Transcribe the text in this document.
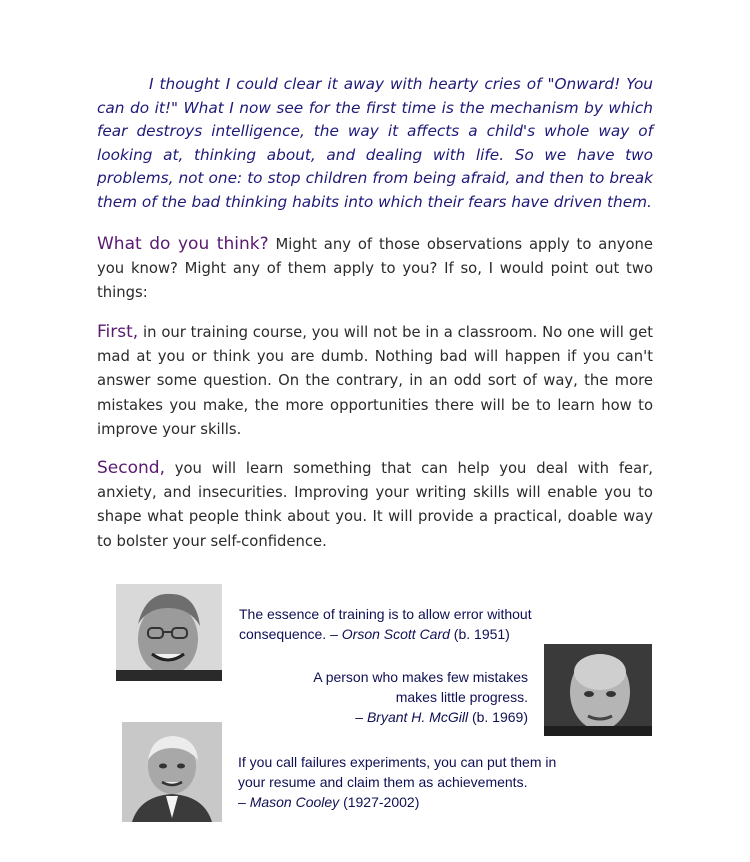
I thought I could clear it away with hearty cries of "Onward! You can do it!" What I now see for the first time is the mechanism by which fear destroys intelligence, the way it affects a child's whole way of looking at, thinking about, and dealing with life. So we have two problems, not one: to stop children from being afraid, and then to break them of the bad thinking habits into which their fears have driven them.

What do you think? Might any of those observations apply to anyone you know? Might any of them apply to you? If so, I would point out two things:

First, in our training course, you will not be in a classroom. No one will get mad at you or think you are dumb. Nothing bad will happen if you can't answer some question. On the contrary, in an odd sort of way, the more mistakes you make, the more opportunities there will be to learn how to improve your skills.

Second, you will learn something that can help you deal with fear, anxiety, and insecurities. Improving your writing skills will enable you to shape what people think about you. It will provide a practical, doable way to bolster your self-confidence.

The essence of training is to allow error without consequence. – Orson Scott Card (b. 1951)
A person who makes few mistakes
makes little progress.
– Bryant H. McGill (b. 1969)
If you call failures experiments, you can put them in your resume and claim them as achievements.
– Mason Cooley (1927-2002)
